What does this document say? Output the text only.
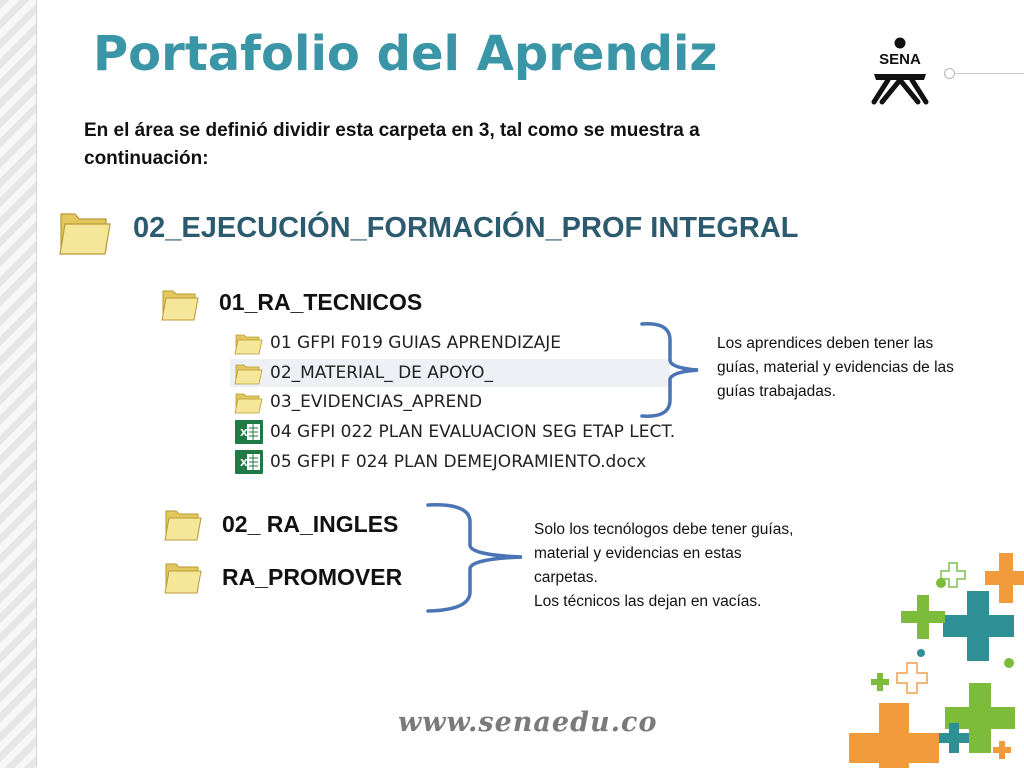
Portafolio del Aprendiz	SENA
En el área se definió dividir esta carpeta en 3, tal como se muestra a continuación:
02_EJECUCIÓN_FORMACIÓN_PROF INTEGRAL
01_RA_TECNICOS
01 GFPI F019 GUIAS APRENDIZAJE
02_MATERIAL_ DE APOYO_
03_EVIDENCIAS_APREND
X 04 GFPI 022 PLAN EVALUACION SEG ETAP LECT.
X 05 GFPI F 024 PLAN DEMEJORAMIENTO.docx
Los aprendices deben tener las guías, material y evidencias de las guías trabajadas.
02_ RA_INGLES
RA_PROMOVER
Solo los tecnólogos debe tener guías, material y evidencias en estas carpetas.
Los técnicos las dejan en vacías.
www.senaedu.co
